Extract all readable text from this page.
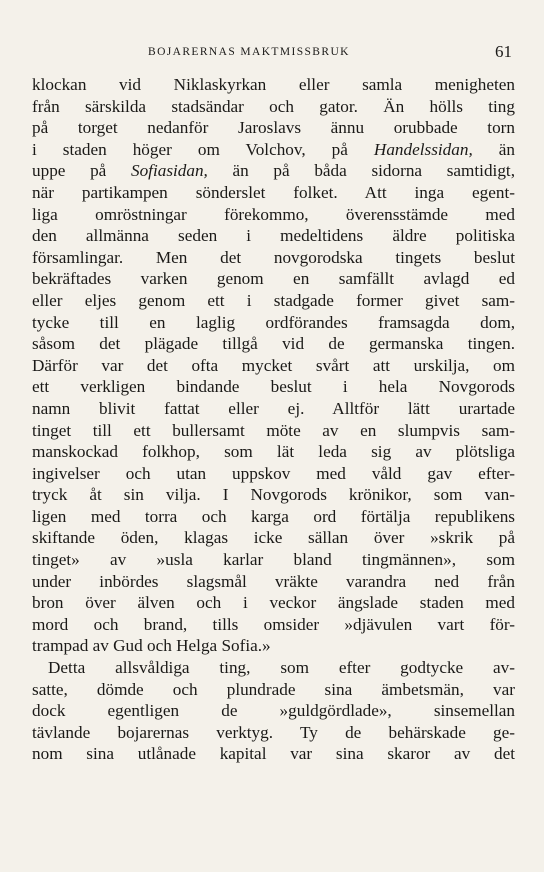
BOJARERNAS MAKTMISSBRUK	61
klockan vid Niklaskyrkan eller samla menigheten
från särskilda stadsändar och gator. Än hölls ting
på torget nedanför Jaroslavs ännu orubbade torn
i staden höger om Volchov, på Handelssidan, än
uppe på Sofiasidan, än på båda sidorna samtidigt,
när partikampen sönderslet folket. Att inga egent-
liga omröstningar förekommo, överensstämde med
den allmänna seden i medeltidens äldre politiska
församlingar. Men det novgorodska tingets beslut
bekräftades varken genom en samfällt avlagd ed
eller eljes genom ett i stadgade former givet sam-
tycke till en laglig ordförandes framsagda dom,
såsom det plägade tillgå vid de germanska tingen.
Därför var det ofta mycket svårt att urskilja, om
ett verkligen bindande beslut i hela Novgorods
namn blivit fattat eller ej. Alltför lätt urartade
tinget till ett bullersamt möte av en slumpvis sam-
manskockad folkhop, som lät leda sig av plötsliga
ingivelser och utan uppskov med våld gav efter-
tryck åt sin vilja. I Novgorods krönikor, som van-
ligen med torra och karga ord förtälja republikens
skiftande öden, klagas icke sällan över »skrik på
tinget» av »usla karlar bland tingmännen», som
under inbördes slagsmål vräkte varandra ned från
bron över älven och i veckor ängslade staden med
mord och brand, tills omsider »djävulen vart för-
trampad av Gud och Helga Sofia.»
Detta allsvåldiga ting, som efter godtycke av-
satte, dömde och plundrade sina ämbetsmän, var
dock egentligen de »guldgördlade», sinsemellan
tävlande bojarernas verktyg. Ty de behärskade ge-
nom sina utlånade kapital var sina skaror av det
